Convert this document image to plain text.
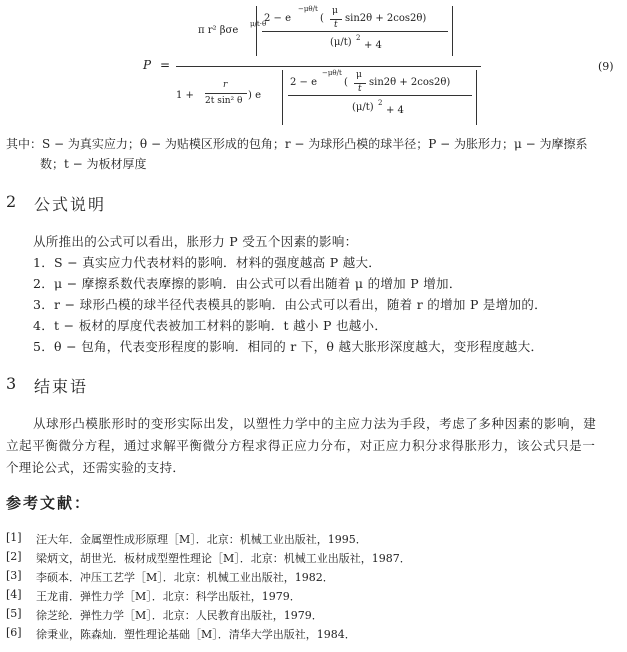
P =
π r² βσe
μ/t·θ
2 − e
−μθ/t
(
μ
t
sin2θ + 2cos2θ)
(μ/t) 2
+ 4
1 +
r
2t sin² θ ) e
2 − e
−μθ/t
(
μ
t
sin2θ + 2cos2θ)
(μ/t) 2
+ 4
(9)
其中：S − 为真实应力；θ − 为贴模区形成的包角；r − 为球形凸模的球半径；P − 为胀形力；μ − 为摩擦系
数；t − 为板材厚度
2 公式说明
从所推出的公式可以看出，胀形力 P 受五个因素的影响：
1．S − 真实应力代表材料的影响．材料的强度越高 P 越大．
2．μ − 摩擦系数代表摩擦的影响．由公式可以看出随着 μ 的增加 P 增加．
3．r − 球形凸模的球半径代表模具的影响．由公式可以看出，随着 r 的增加 P 是增加的．
4．t − 板材的厚度代表被加工材料的影响．t 越小 P 也越小．
5．θ − 包角，代表变形程度的影响．相同的 r 下，θ 越大胀形深度越大，变形程度越大．
3 结束语
从球形凸模胀形时的变形实际出发，以塑性力学中的主应力法为手段，考虑了多种因素的影响，建
立起平衡微分方程，通过求解平衡微分方程求得正应力分布，对正应力积分求得胀形力，该公式只是一
个理论公式，还需实验的支持．
参考文献：
[1] 汪大年．金属塑性成形原理［M］．北京：机械工业出版社，1995．
[2] 梁炳文，胡世光．板材成型塑性理论［M］．北京：机械工业出版社，1987．
[3] 李硕本．冲压工艺学［M］．北京：机械工业出版社，1982．
[4] 王龙甫．弹性力学［M］．北京：科学出版社，1979．
[5] 徐芝纶．弹性力学［M］．北京：人民教育出版社，1979．
[6] 徐秉业，陈森灿．塑性理论基础［M］．清华大学出版社，1984．
